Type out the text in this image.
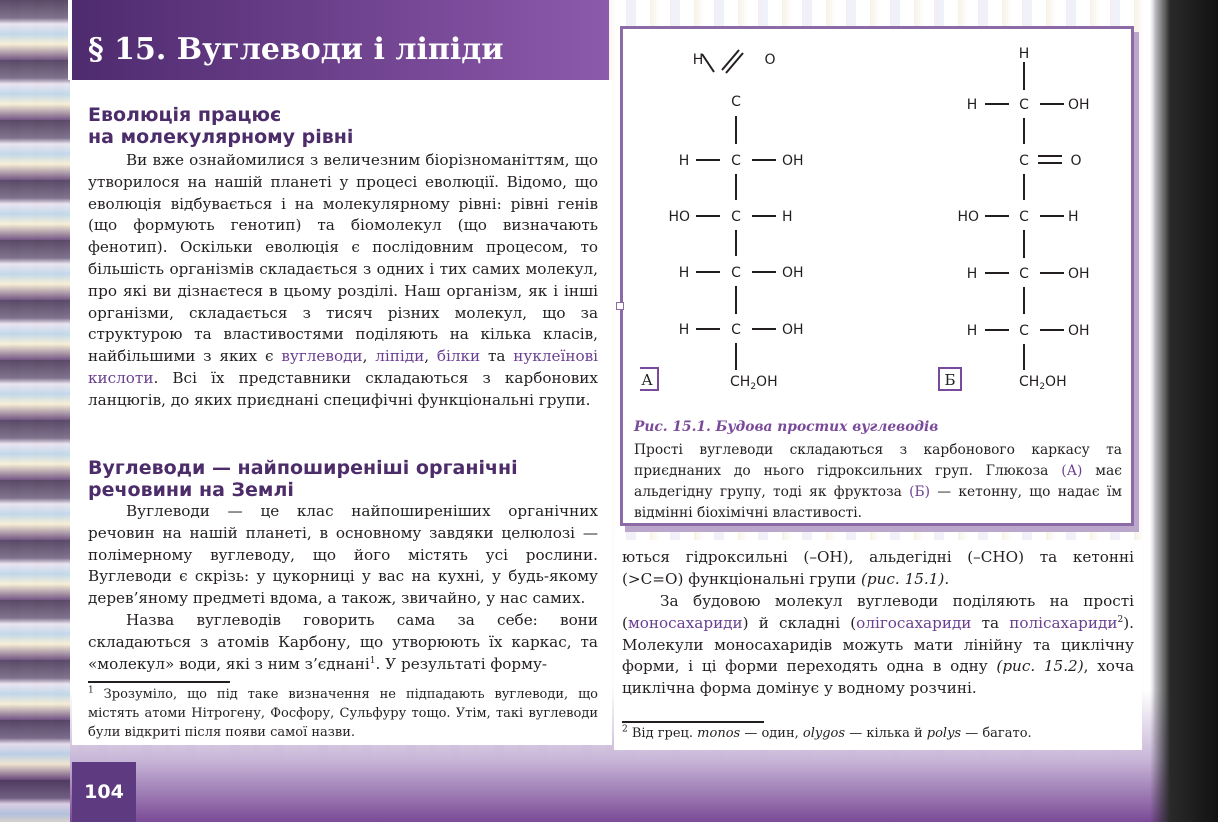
§ 15. Вуглеводи і ліпіди
Еволюція працює
на молекулярному рівні

Ви вже ознайомилися з величезним біорізноманіттям, що утворилося на нашій планеті у процесі еволюції. Відомо, що еволюція відбувається і на молекулярному рівні: рівні генів (що формують генотип) та біомолекул (що визначають фенотип). Оскільки еволюція є послідовним процесом, то більшість організмів складається з одних і тих самих молекул, про які ви дізнаєтеся в цьому розділі. Наш організм, як і інші організми, складається з тисяч різних молекул, що за структурою та властивостями поділяють на кілька класів, найбільшими з яких є вуглеводи, ліпіди, білки та нуклеїнові кислоти. Всі їх представники складаються з карбонових ланцюгів, до яких приєднані специфічні функціональні групи.

Вуглеводи — найпоширеніші органічні
речовини на Землі

Вуглеводи — це клас найпоширеніших органічних речовин на нашій планеті, в основному завдяки целюлозі — полімерному вуглеводу, що його містять усі рослини. Вуглеводи є скрізь: у цукорниці у вас на кухні, у будь-якому дерев’яному предметі вдома, а також, звичайно, у нас самих.

Назва вуглеводів говорить сама за себе: вони складаються з атомів Карбону, що утворюють їх каркас, та «молекул» води, які з ним з’єднані$^1$. У результаті форму-

$^1$ Зрозуміло, що під таке визначення не підпадають вуглеводи, що містять атоми Нітрогену, Фосфору, Сульфуру тощо. Утім, такі вуглеводи були відкриті після появи самої назви.

104
H	O
C
H	C	OH
HO	C	H
H	C	OH
H	C	OH
$CH_2OH$
H
H	C	OH
C	O
HO	C	H
H	C	OH
H	C	OH
$CH_2OH$
А	Б

Рис. 15.1. Будова простих вуглеводів

Прості вуглеводи складаються з карбонового каркасу та приєднаних до нього гідроксильних груп. Глюкоза (А) має альдегідну групу, тоді як фруктоза (Б) — кетонну, що надає їм відмінні біохімічні властивості.

ються гідроксильні (–OH), альдегідні (–CHO) та кетонні (>C=O) функціональні групи (рис. 15.1).

За будовою молекул вуглеводи поділяють на прості (моносахариди) й складні (олігосахариди та полісахариди$^2$). Молекули моносахаридів можуть мати лінійну та циклічну форми, і ці форми переходять одна в одну (рис. 15.2), хоча циклічна форма домінує у водному розчині.

$^2$ Від грец. monos — один, olygos — кілька й polys — багато.
